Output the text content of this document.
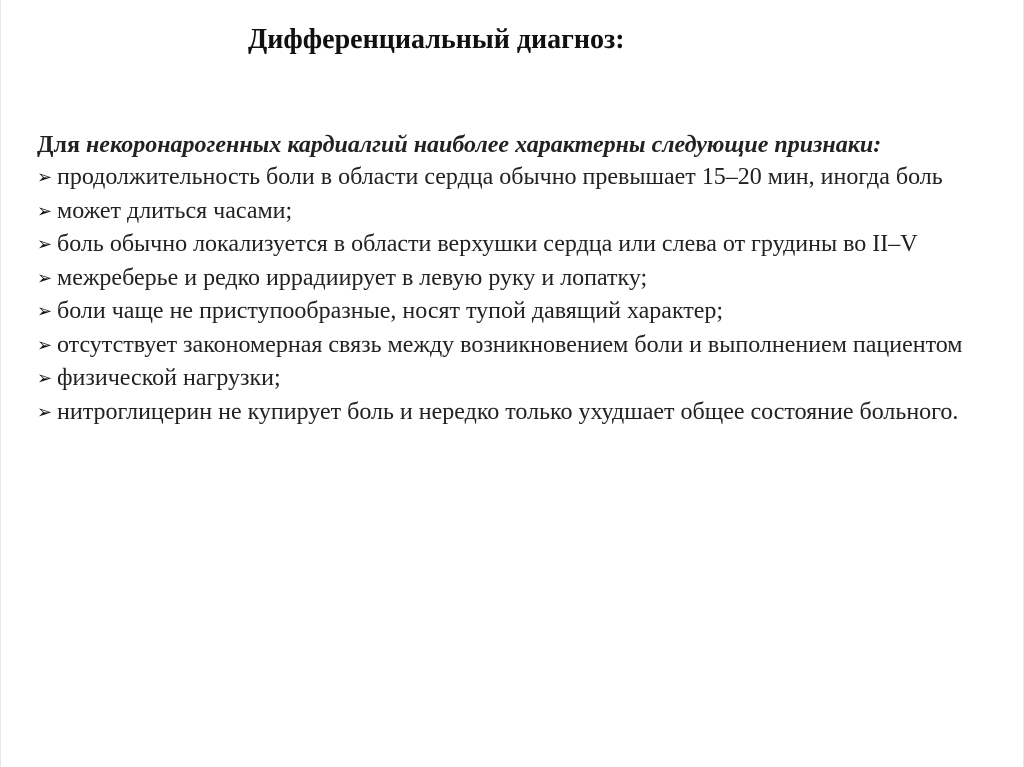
Дифференциальный диагноз:
Для некоронарогенных кардиалгий наиболее характерны следующие признаки:
➢ продолжительность боли в области сердца обычно превышает 15–20 мин, иногда боль
➢ может длиться часами;
➢ боль обычно локализуется в области верхушки сердца или слева от грудины во II–V
➢ межреберье и редко иррадиирует в левую руку и лопатку;
➢ боли чаще не приступообразные, носят тупой давящий характер;
➢ отсутствует закономерная связь между возникновением боли и выполнением пациентом
➢ физической нагрузки;
➢ нитроглицерин не купирует боль и нередко только ухудшает общее состояние больного.
